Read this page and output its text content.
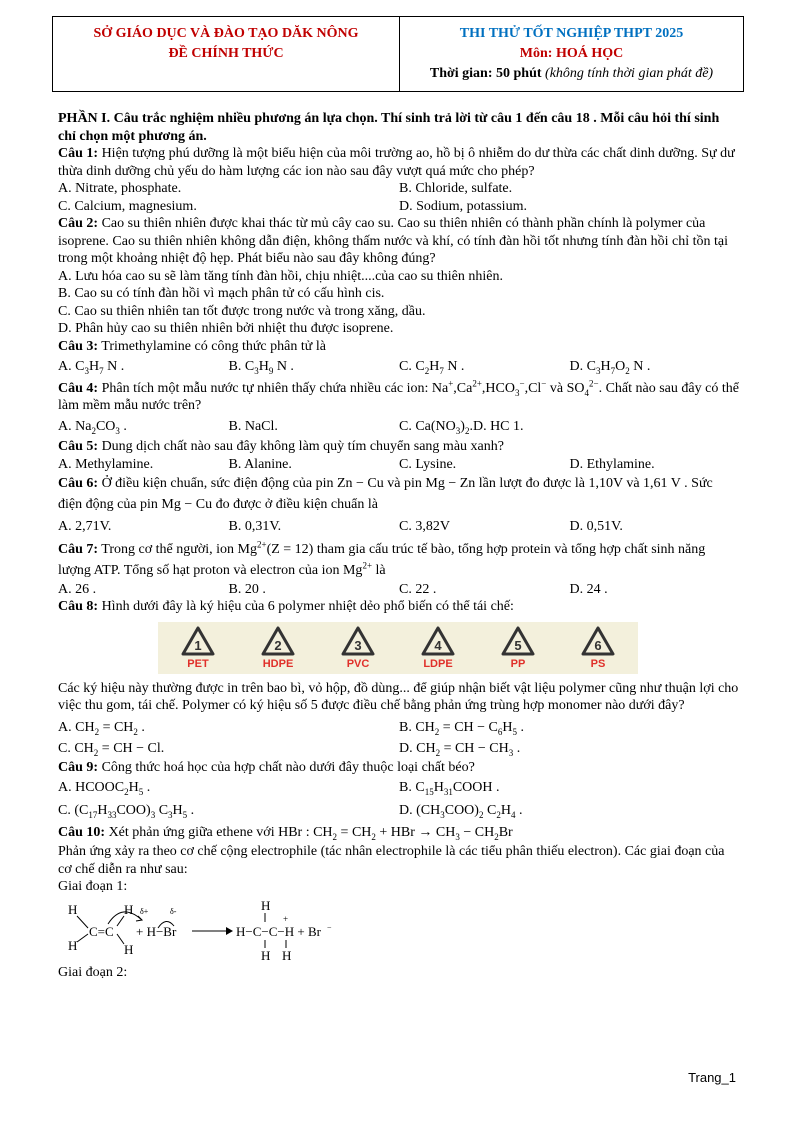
SỞ GIÁO DỤC VÀ ĐÀO TẠO DĂK NÔNG
ĐỀ CHÍNH THỨC
THI THỬ TỐT NGHIỆP THPT 2025
Môn: HOÁ HỌC
Thời gian: 50 phút (không tính thời gian phát đề)
PHẦN I. Câu trắc nghiệm nhiều phương án lựa chọn. Thí sinh trả lời từ câu 1 đến câu 18 . Mỗi câu hỏi thí sinh chỉ chọn một phương án.
Câu 1: Hiện tượng phú dưỡng là một biểu hiện của môi trường ao, hồ bị ô nhiễm do dư thừa các chất dinh dưỡng. Sự dư thừa dinh dưỡng chủ yếu do hàm lượng các ion nào sau đây vượt quá mức cho phép?
A. Nitrate, phosphate.	B. Chloride, sulfate.
C. Calcium, magnesium.	D. Sodium, potassium.
Câu 2: Cao su thiên nhiên được khai thác từ mủ cây cao su. Cao su thiên nhiên có thành phần chính là polymer của isoprene. Cao su thiên nhiên không dẫn điện, không thấm nước và khí, có tính đàn hồi tốt nhưng tính đàn hồi chỉ tồn tại trong một khoảng nhiệt độ hẹp. Phát biểu nào sau đây không đúng?
A. Lưu hóa cao su sẽ làm tăng tính đàn hồi, chịu nhiệt....của cao su thiên nhiên.
B. Cao su có tính đàn hồi vì mạch phân tử có cấu hình cis.
C. Cao su thiên nhiên tan tốt được trong nước và trong xăng, dầu.
D. Phân hủy cao su thiên nhiên bởi nhiệt thu được isoprene.
Câu 3: Trimethylamine có công thức phân tử là
A. $C_3H_7$ N .	B. $C_3H_9$ N .	C. $C_2H_7$ N .	D. $C_3H_7O_2$ N .
Câu 4: Phân tích một mẫu nước tự nhiên thấy chứa nhiều các ion: $Na^+,Ca^{2+},HCO_3^-,Cl^-$ và $SO_4^{2-}$. Chất nào sau đây có thể làm mềm mẫu nước trên?
A. $Na_2CO_3$ .	B. NaCl.	C. $Ca(NO_3)_2.D$. HC 1.
Câu 5: Dung dịch chất nào sau đây không làm quỳ tím chuyển sang màu xanh?
A. Methylamine.	B. Alanine.	C. Lysine.	D. Ethylamine.
Câu 6: Ở điều kiện chuẩn, sức điện động của pin Zn − Cu và pin Mg − Zn lần lượt đo được là 1,10V và 1,61 V . Sức điện động của pin Mg − Cu đo được ở điều kiện chuẩn là
A. 2,71V.	B. 0,31V.	C. 3,82V	D. 0,51V.
Câu 7: Trong cơ thể người, ion $Mg^{2+}(Z = 12)$ tham gia cấu trúc tế bào, tổng hợp protein và tổng hợp chất sinh năng lượng ATP. Tổng số hạt proton và electron của ion $Mg^{2+}$ là
A. 26 .	B. 20 .	C. 22 .	D. 24 .
Câu 8: Hình dưới đây là ký hiệu của 6 polymer nhiệt dẻo phổ biến có thể tái chế:
1
PET
2
HDPE
3
PVC
4
LDPE
5
PP
6
PS
Các ký hiệu này thường được in trên bao bì, vỏ hộp, đồ dùng... để giúp nhận biết vật liệu polymer cũng như thuận lợi cho việc thu gom, tái chế. Polymer có ký hiệu số 5 được điều chế bằng phản ứng trùng hợp monomer nào dưới đây?
A. $CH_2 = CH_2$ .	B. $CH_2$ = CH − $C_6H_5$ .
C. $CH_2$ = CH − Cl.	D. $CH_2$ = CH − $CH_3$ .
Câu 9: Công thức hoá học của hợp chất nào dưới đây thuộc loại chất béo?
A. $HCOOC_2H_5$ .	B. $C_{15}H_{31}COOH$ .
C. $(C_{17}H_{33}COO)_3$ $C_3H_5$ .	D. $(CH_3COO)_2$ $C_2H_4$ .
Câu 10: Xét phản ứng giữa ethene với HBr : $CH_2 = CH_2$ + HBr → $CH_3 - CH_2Br$
Phản ứng xảy ra theo cơ chế cộng electrophile (tác nhân electrophile là các tiểu phân thiếu electron). Các giai đoạn của cơ chế diễn ra như sau:
Giai đoạn 1:
H
H
C=C
H
H
δ+	δ-
+ H−Br
H
H−C−C−H + Br −
+
H H
Giai đoạn 2:
Trang_1
